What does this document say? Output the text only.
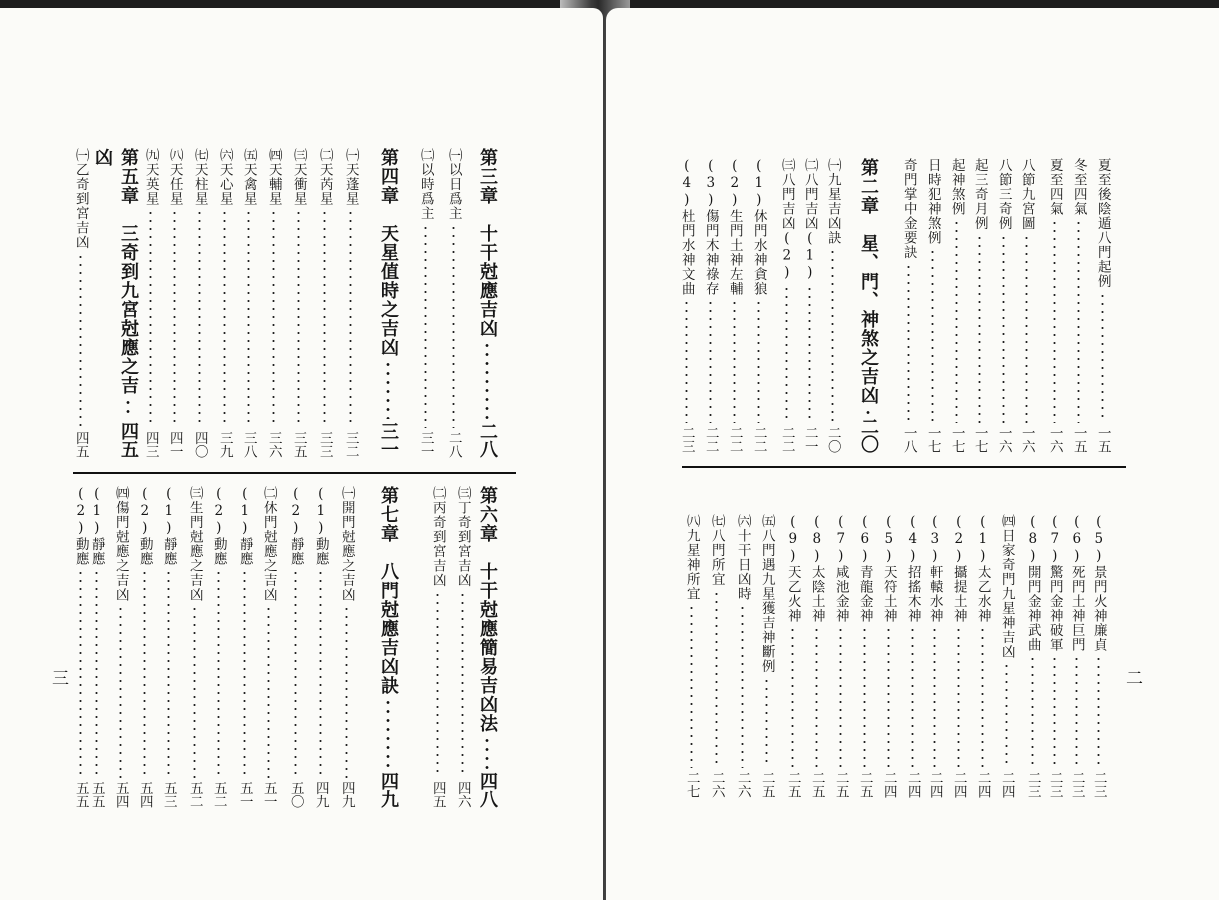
三
第三章　十干尅應吉凶
二八
㈠以日爲主
二八
㈡以時爲主
三一
第四章　天星值時之吉凶
三一
㈠天蓬星
三二
㈡天芮星
三三
㈢天衝星
三五
㈣天輔星
三六
㈤天禽星
三八
㈥天心星
三九
㈦天柱星
四〇
㈧天任星
四一
㈨天英星
四三
第五章　三奇到九宮尅應之吉
四五
凶
㈠乙奇到宮吉凶
四五
第六章　十干尅應簡易吉凶法
四八
㈡丙奇到宮吉凶
四五
㈢丁奇到宮吉凶
四六
第七章　八門尅應吉凶訣
四九
㈠開門尅應之吉凶
四九
(1)動應
四九
(2)靜應
五〇
㈡休門尅應之吉凶
五一
(1)靜應
五一
(2)動應
五二
㈢生門尅應之吉凶
五二
(1)靜應
五三
(2)動應
五四
㈣傷門尅應之吉凶
五四
(1)靜應
五五
(2)動應
五五
二
夏至後陰遁八門起例
一五
冬至四氣
一五
夏至四氣
一六
八節九宮圖
一六
八節三奇例
一六
起三奇月例
一七
起神煞例
一七
日時犯神煞例
一七
奇門掌中金要訣
一八
第二章　星、門、神煞之吉凶
二〇
㈠九星吉凶訣
二〇
㈡八門吉凶(1)
二一
㈢八門吉凶(2)
二二
(1)休門水神貪狼
二二
(2)生門土神左輔
二二
(3)傷門木神祿存
二二
(4)杜門水神文曲
二三
(5)景門火神廉貞
二三
(6)死門土神巨門
二三
(7)驚門金神破軍
二三
(8)開門金神武曲
二三
㈣日家奇門九星神吉凶
二四
(1)太乙水神
二四
(2)攝提土神
二四
(3)軒轅水神
二四
(4)招搖木神
二四
(5)天符土神
二四
(6)青龍金神
二五
(7)咸池金神
二五
(8)太陰土神
二五
(9)天乙火神
二五
㈤八門遇九星獲吉神斷例
二五
㈥十干日凶時
二六
㈦八門所宜
二六
㈧九星神所宜
二七
